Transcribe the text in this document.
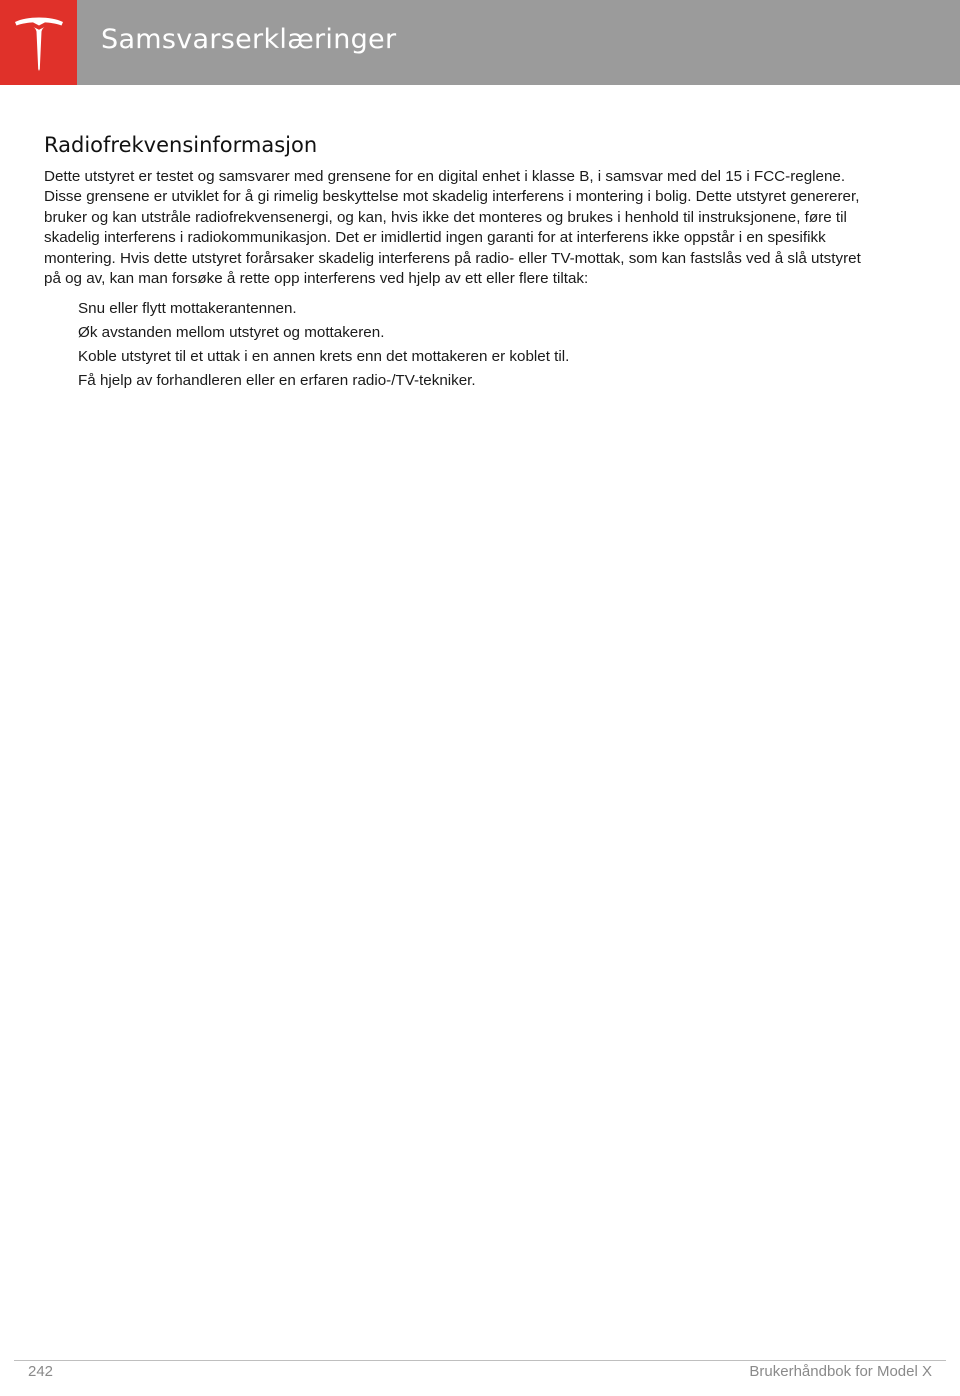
Samsvarserklæringer
Radiofrekvensinformasjon

Dette utstyret er testet og samsvarer med grensene for en digital enhet i klasse B, i samsvar med del 15 i FCC-reglene. Disse grensene er utviklet for å gi rimelig beskyttelse mot skadelig interferens i montering i bolig. Dette utstyret genererer, bruker og kan utstråle radiofrekvensenergi, og kan, hvis ikke det monteres og brukes i henhold til instruksjonene, føre til skadelig interferens i radiokommunikasjon. Det er imidlertid ingen garanti for at interferens ikke oppstår i en spesifikk montering. Hvis dette utstyret forårsaker skadelig interferens på radio- eller TV-mottak, som kan fastslås ved å slå utstyret på og av, kan man forsøke å rette opp interferens ved hjelp av ett eller flere tiltak:

Snu eller flytt mottakerantennen.
Øk avstanden mellom utstyret og mottakeren.
Koble utstyret til et uttak i en annen krets enn det mottakeren er koblet til.
Få hjelp av forhandleren eller en erfaren radio-/TV-tekniker.
242	Brukerhåndbok for Model X
